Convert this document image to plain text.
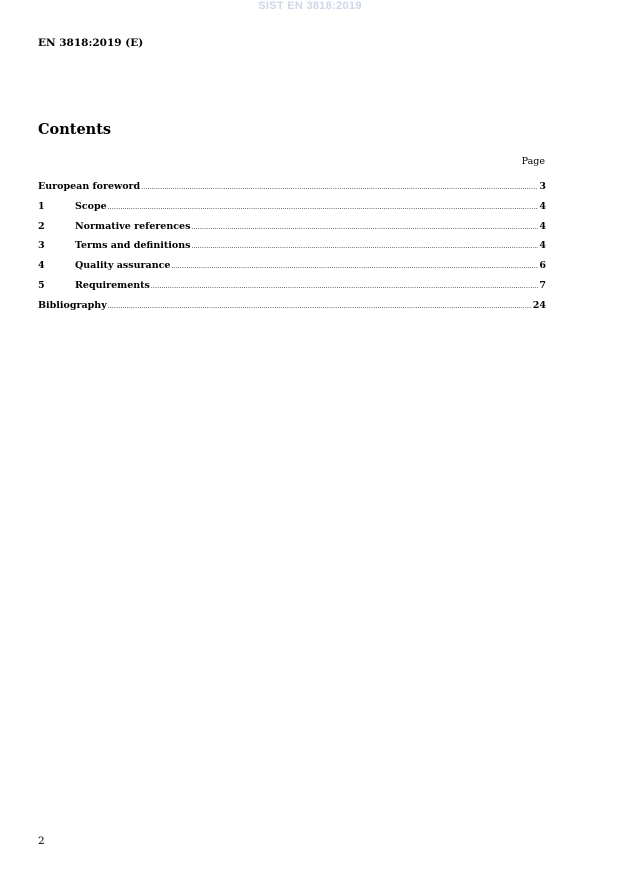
SIST EN 3818:2019
EN 3818:2019 (E)
Contents
Page
European foreword .....	3
1	Scope .....	4
2	Normative references .....	4
3	Terms and definitions .....	4
4	Quality assurance .....	6
5	Requirements .....	7
Bibliography .....	24
2
